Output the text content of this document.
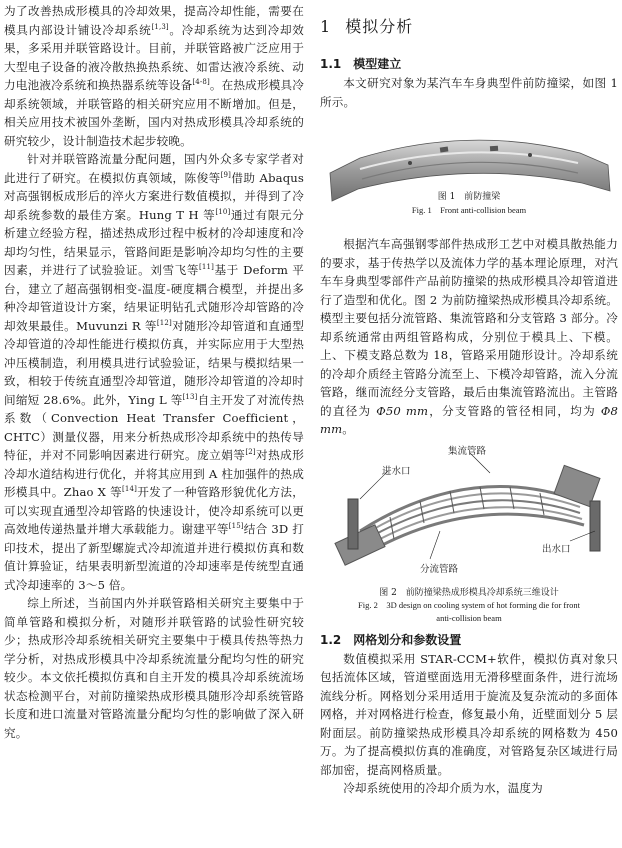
为了改善热成形模具的冷却效果，提高冷却性能，需要在模具内部设计铺设冷却系统[1,3]。冷却系统为达到冷却效果，多采用并联管路设计。目前，并联管路被广泛应用于大型电子设备的液冷散热换热系统、如雷达液冷系统、动力电池液冷系统和换热器系统等设备[4-8]。在热成形模具冷却系统领域，并联管路的相关研究应用不断增加。但是，相关应用技术被国外垄断，国内对热成形模具冷却系统的研究较少，设计制造技术起步较晚。

针对并联管路流量分配问题，国内外众多专家学者对此进行了研究。在模拟仿真领域，陈俊等[9]借助 Abaqus 对高强钢板成形后的淬火方案进行数值模拟，并得到了冷却系统参数的最佳方案。Hung T H 等[10]通过有限元分析建立经验方程，描述热成形过程中板材的冷却速度和冷却均匀性，结果显示，管路间距是影响冷却均匀性的主要因素，并进行了试验验证。刘雪飞等[11]基于 Deform 平台，建立了超高强钢相变-温度-硬度耦合模型，并提出多种冷却管道设计方案，结果证明钻孔式随形冷却管路的冷却效果最佳。Muvunzi R 等[12]对随形冷却管道和直通型冷却管道的冷却性能进行模拟仿真，并实际应用于大型热冲压模制造，利用模具进行试验验证，结果与模拟结果一致，相较于传统直通型冷却管道，随形冷却管道的冷却时间缩短 28.6%。此外，Ying L 等[13]自主开发了对流传热系数（Convection Heat Transfer Coefficient，CHTC）测量仪器，用来分析热成形冷却系统中的热传导特征，并对不同影响因素进行研究。庞立娟等[2]对热成形冷却水道结构进行优化，并将其应用到 A 柱加强件的热成形模具中。Zhao X 等[14]开发了一种管路形貌优化方法，可以实现直通型冷却管路的快速设计，使冷却系统可以更高效地传递热量并增大承载能力。谢建平等[15]结合 3D 打印技术，提出了新型螺旋式冷却流道并进行模拟仿真和数值计算验证，结果表明新型流道的冷却速率是传统型直通式冷却速率的 3～5 倍。

综上所述，当前国内外并联管路相关研究主要集中于简单管路和模拟分析，对随形并联管路的试验性研究较少；热成形冷却系统相关研究主要集中于模具传热等热力学分析，对热成形模具中冷却系统流量分配均匀性的研究较少。本文依托模拟仿真和自主开发的模具冷却系统流场状态检测平台，对前防撞梁热成形模具随形冷却系统管路长度和进口流量对管路流量分配均匀性的影响做了深入研究。

1 模拟分析
1.1 模型建立

本文研究对象为某汽车车身典型件前防撞梁，如图 1 所示。

图 1　前防撞梁
Fig. 1　Front anti-collision beam

根据汽车高强钢零部件热成形工艺中对模具散热能力的要求，基于传热学以及流体力学的基本理论原理，对汽车车身典型零部件产品前防撞梁的热成形模具冷却管道进行了造型和优化。图 2 为前防撞梁热成形模具冷却系统。模型主要包括分流管路、集流管路和分支管路 3 部分。冷却系统通常由两组管路构成，分别位于模具上、下模。上、下模支路总数为 18，管路采用随形设计。冷却系统的冷却介质经主管路分流至上、下模冷却管路，流入分流管路，继而流经分支管路，最后由集流管路流出。主管路的直径为 Φ50 mm，分支管路的管径相同，均为 Φ8 mm。

集流管路
进水口
出水口
分流管路
图 2　前防撞梁热成形模具冷却系统三维设计
Fig. 2　3D design on cooling system of hot forming die for front
anti-collision beam
1.2 网格划分和参数设置

数值模拟采用 STAR-CCM+软件，模拟仿真对象只包括流体区域，管道壁面选用无滑移壁面条件，进行流场流线分析。网格划分采用适用于旋流及复杂流动的多面体网格，并对网格进行检查，修复最小角，近壁面划分 5 层附面层。前防撞梁热成形模具冷却系统的网格数为 450 万。为了提高模拟仿真的准确度，对管路复杂区域进行局部加密，提高网格质量。

冷却系统使用的冷却介质为水，温度为
